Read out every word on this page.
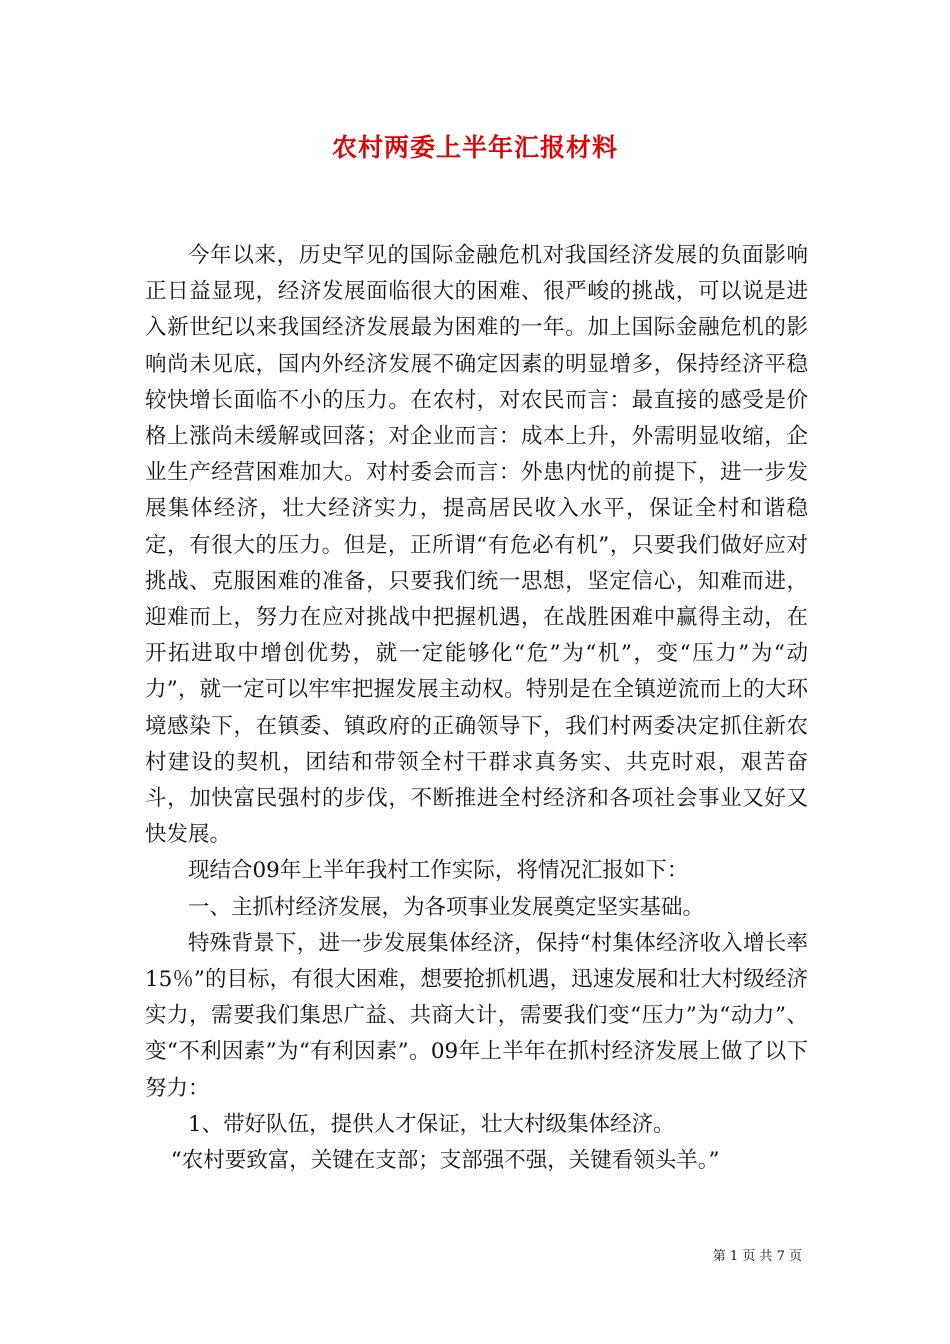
农村两委上半年汇报材料

今年以来，历史罕见的国际金融危机对我国经济发展的负面影响正日益显现，经济发展面临很大的困难、很严峻的挑战，可以说是进入新世纪以来我国经济发展最为困难的一年。加上国际金融危机的影响尚未见底，国内外经济发展不确定因素的明显增多，保持经济平稳较快增长面临不小的压力。在农村，对农民而言：最直接的感受是价格上涨尚未缓解或回落；对企业而言：成本上升，外需明显收缩，企业生产经营困难加大。对村委会而言：外患内忧的前提下，进一步发展集体经济，壮大经济实力，提高居民收入水平，保证全村和谐稳定，有很大的压力。但是，正所谓“有危必有机”，只要我们做好应对挑战、克服困难的准备，只要我们统一思想，坚定信心，知难而进，迎难而上，努力在应对挑战中把握机遇，在战胜困难中赢得主动，在开拓进取中增创优势，就一定能够化“危”为“机”，变“压力”为“动力”，就一定可以牢牢把握发展主动权。特别是在全镇逆流而上的大环境感染下，在镇委、镇政府的正确领导下，我们村两委决定抓住新农村建设的契机，团结和带领全村干群求真务实、共克时艰，艰苦奋斗，加快富民强村的步伐，不断推进全村经济和各项社会事业又好又快发展。

现结合09年上半年我村工作实际，将情况汇报如下：

一、主抓村经济发展，为各项事业发展奠定坚实基础。

特殊背景下，进一步发展集体经济，保持“村集体经济收入增长率15％”的目标，有很大困难，想要抢抓机遇，迅速发展和壮大村级经济实力，需要我们集思广益、共商大计，需要我们变“压力”为“动力”、变“不利因素”为“有利因素”。09年上半年在抓村经济发展上做了以下努力：

1、带好队伍，提供人才保证，壮大村级集体经济。

“农村要致富，关键在支部；支部强不强，关键看领头羊。”

第 1 页 共 7 页
